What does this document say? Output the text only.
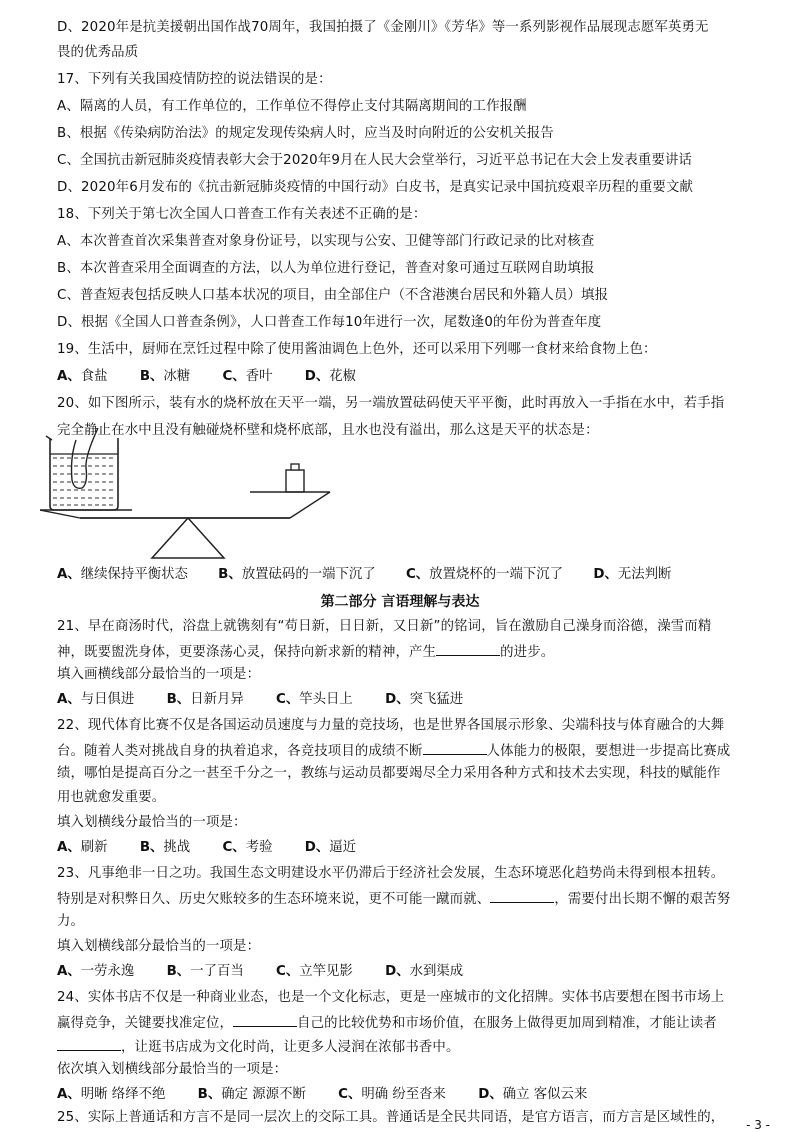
D、2020年是抗美援朝出国作战70周年，我国拍摄了《金刚川》《芳华》等一系列影视作品展现志愿军英勇无
畏的优秀品质
17、下列有关我国疫情防控的说法错误的是：
A、隔离的人员，有工作单位的，工作单位不得停止支付其隔离期间的工作报酬
B、根据《传染病防治法》的规定发现传染病人时，应当及时向附近的公安机关报告
C、全国抗击新冠肺炎疫情表彰大会于2020年9月在人民大会堂举行，习近平总书记在大会上发表重要讲话
D、2020年6月发布的《抗击新冠肺炎疫情的中国行动》白皮书，是真实记录中国抗疫艰辛历程的重要文献
18、下列关于第七次全国人口普查工作有关表述不正确的是：
A、本次普查首次采集普查对象身份证号，以实现与公安、卫健等部门行政记录的比对核查
B、本次普查采用全面调查的方法，以人为单位进行登记，普查对象可通过互联网自助填报
C、普查短表包括反映人口基本状况的项目，由全部住户（不含港澳台居民和外籍人员）填报
D、根据《全国人口普查条例》，人口普查工作每10年进行一次，尾数逢0的年份为普查年度
19、生活中，厨师在烹饪过程中除了使用酱油调色上色外，还可以采用下列哪一食材来给食物上色：
A、食盐 B、冰糖 C、香叶 D、花椒
20、如下图所示，装有水的烧杯放在天平一端，另一端放置砝码使天平平衡，此时再放入一手指在水中，若手指
完全静止在水中且没有触碰烧杯壁和烧杯底部，且水也没有溢出，那么这是天平的状态是：
A、继续保持平衡状态 B、放置砝码的一端下沉了 C、放置烧杯的一端下沉了 D、无法判断
第二部分 言语理解与表达
21、早在商汤时代，浴盘上就镌刻有“苟日新，日日新，又日新”的铭词，旨在激励自己澡身而浴德，澡雪而精
神，既要盥洗身体，更要涤荡心灵，保持向新求新的精神，产生	的进步。
填入画横线部分最恰当的一项是：
A、与日俱进 B、日新月异 C、竿头日上 D、突飞猛进
22、现代体育比赛不仅是各国运动员速度与力量的竞技场，也是世界各国展示形象、尖端科技与体育融合的大舞
台。随着人类对挑战自身的执着追求，各竞技项目的成绩不断	人体能力的极限，要想进一步提高比赛成
绩，哪怕是提高百分之一甚至千分之一，教练与运动员都要竭尽全力采用各种方式和技术去实现，科技的赋能作
用也就愈发重要。
填入划横线分最恰当的一项是：
A、刷新 B、挑战 C、考验 D、逼近
23、凡事绝非一日之功。我国生态文明建设水平仍滞后于经济社会发展，生态环境恶化趋势尚未得到根本扭转。
特别是对积弊日久、历史欠账较多的生态环境来说，更不可能一蹴而就、	，需要付出长期不懈的艰苦努
力。
填入划横线部分最恰当的一项是：
A、一劳永逸 B、一了百当 C、立竿见影 D、水到渠成
24、实体书店不仅是一种商业业态，也是一个文化标志，更是一座城市的文化招牌。实体书店要想在图书市场上
赢得竞争，关键要找准定位，	自己的比较优势和市场价值，在服务上做得更加周到精准，才能让读者
，让逛书店成为文化时尚，让更多人浸润在浓郁书香中。
依次填入划横线部分最恰当的一项是：
A、明晰 络绎不绝 B、确定 源源不断 C、明确 纷至沓来 D、确立 客似云来
25、实际上普通话和方言不是同一层次上的交际工具。普通话是全民共同语，是官方语言，而方言是区域性的，	- 3 -
